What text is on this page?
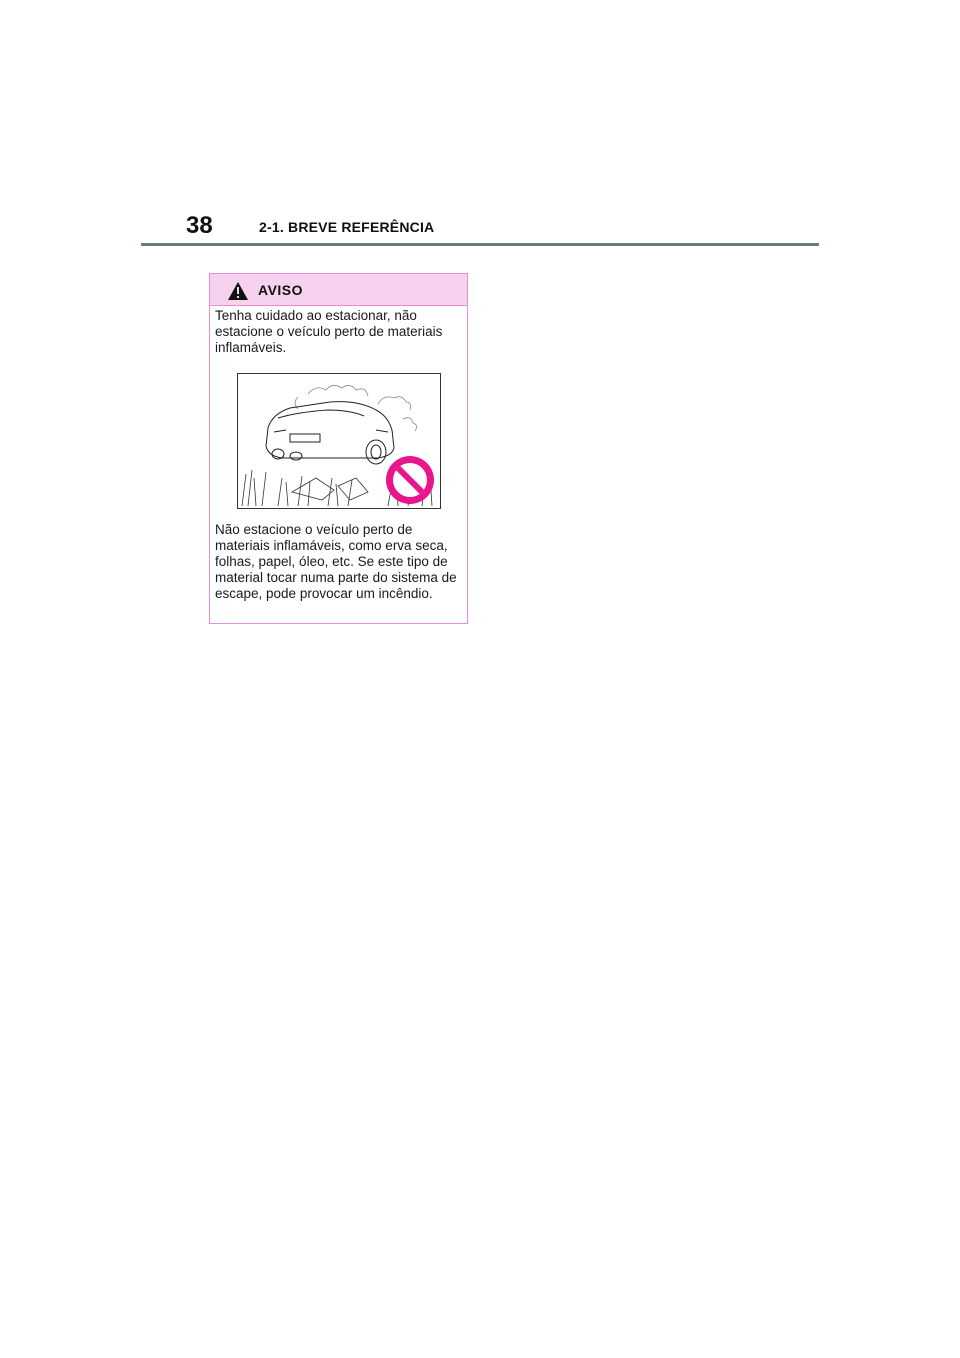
38	2-1. BREVE REFERÊNCIA
AVISO
Tenha cuidado ao estacionar, não estacione o veículo perto de materiais inflamáveis.
Não estacione o veículo perto de materiais inflamáveis, como erva seca, folhas, papel, óleo, etc. Se este tipo de material tocar numa parte do sistema de escape, pode provocar um incêndio.
